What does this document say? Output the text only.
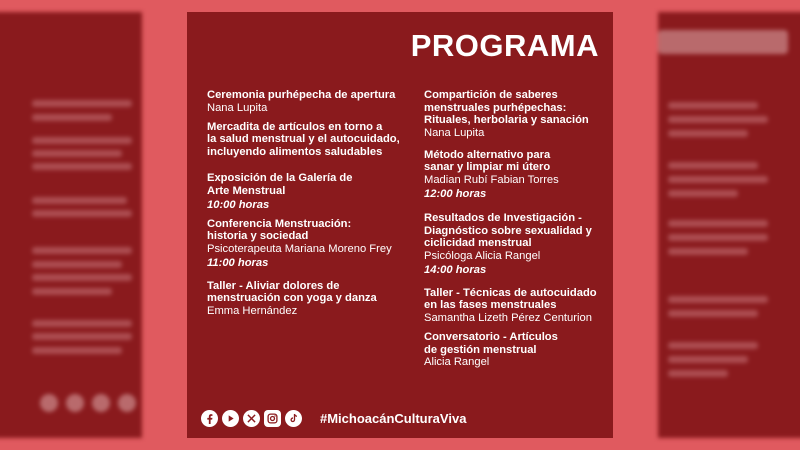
PROGRAMA
Ceremonia purhépecha de apertura
Nana Lupita
Mercadita de artículos en torno a
la salud menstrual y el autocuidado,
incluyendo alimentos saludables
Exposición de la Galería de
Arte Menstrual
10:00 horas
Conferencia Menstruación:
historia y sociedad
Psicoterapeuta Mariana Moreno Frey
11:00 horas
Taller - Aliviar dolores de
menstruación con yoga y danza
Emma Hernández
Compartición de saberes
menstruales purhépechas:
Rituales, herbolaria y sanación
Nana Lupita
Método alternativo para
sanar y limpiar mi útero
Madian Rubí Fabian Torres
12:00 horas
Resultados de Investigación -
Diagnóstico sobre sexualidad y
ciclicidad menstrual
Psicóloga Alicia Rangel
14:00 horas
Taller - Técnicas de autocuidado
en las fases menstruales
Samantha Lizeth Pérez Centurion
Conversatorio - Artículos
de gestión menstrual
Alicia Rangel
#MichoacánCulturaViva
